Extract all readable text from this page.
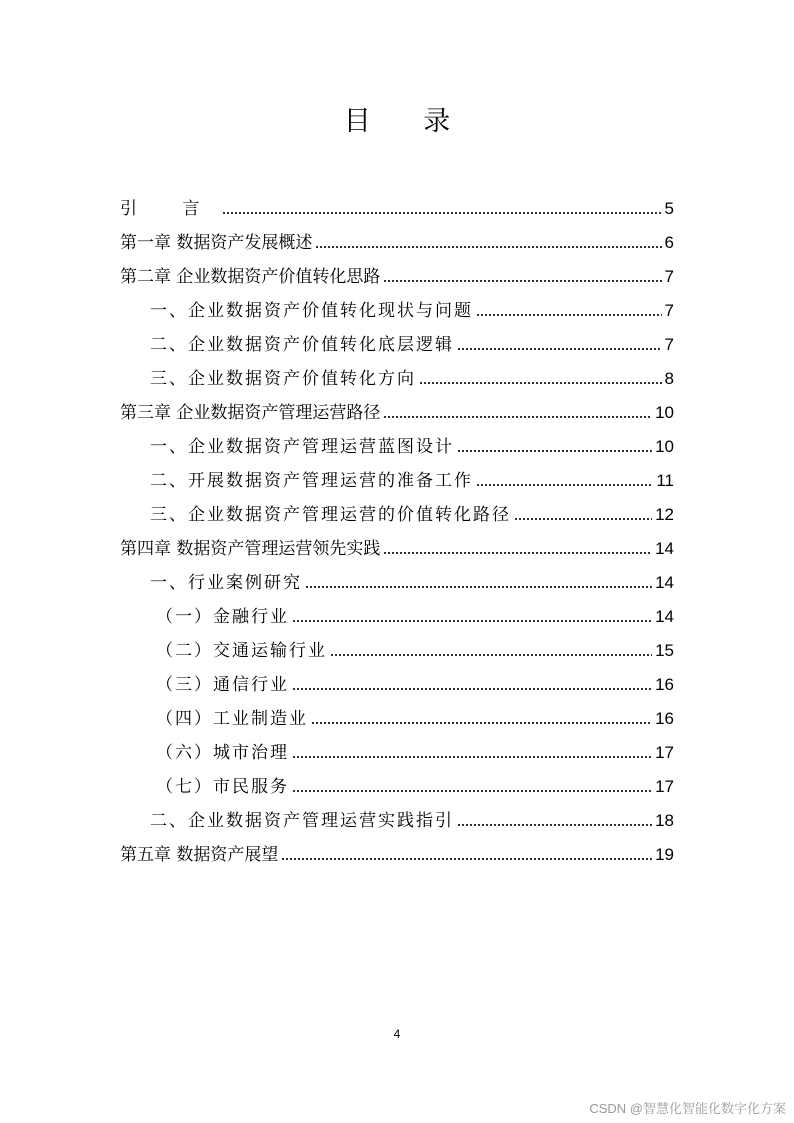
目 录
引 言	5
第一章 数据资产发展概述	6
第二章 企业数据资产价值转化思路	7
一、企业数据资产价值转化现状与问题	7
二、企业数据资产价值转化底层逻辑	7
三、企业数据资产价值转化方向	8
第三章 企业数据资产管理运营路径	10
一、企业数据资产管理运营蓝图设计	10
二、开展数据资产管理运营的准备工作	11
三、企业数据资产管理运营的价值转化路径	12
第四章 数据资产管理运营领先实践	14
一、行业案例研究	14
（一）金融行业	14
（二）交通运输行业	15
（三）通信行业	16
（四）工业制造业	16
（六）城市治理	17
（七）市民服务	17
二、企业数据资产管理运营实践指引	18
第五章 数据资产展望	19
4
CSDN @智慧化智能化数字化方案
